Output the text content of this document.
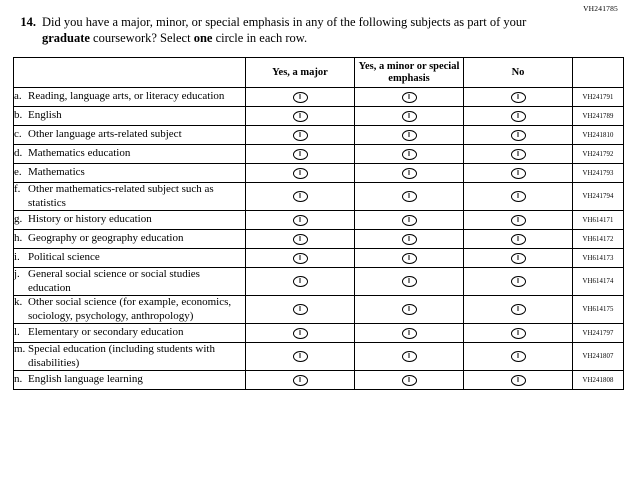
VH241785
14. Did you have a major, minor, or special emphasis in any of the following subjects as part of your graduate coursework? Select one circle in each row.
	Yes, a major	Yes, a minor or special emphasis	No	

a. Reading, language arts, or literacy education				VH241791

b. English				VH241789

c. Other language arts-related subject				VH241810

d. Mathematics education				VH241792

e. Mathematics				VH241793

f. Other mathematics-related subject such as statistics				VH241794

g. History or history education				VH614171

h. Geography or geography education				VH614172

i. Political science				VH614173

j. General social science or social studies education				VH614174

k. Other social science (for example, economics, sociology, psychology, anthropology)				VH614175

l. Elementary or secondary education				VH241797

m. Special education (including students with disabilities)				VH241807

n. English language learning				VH241808
